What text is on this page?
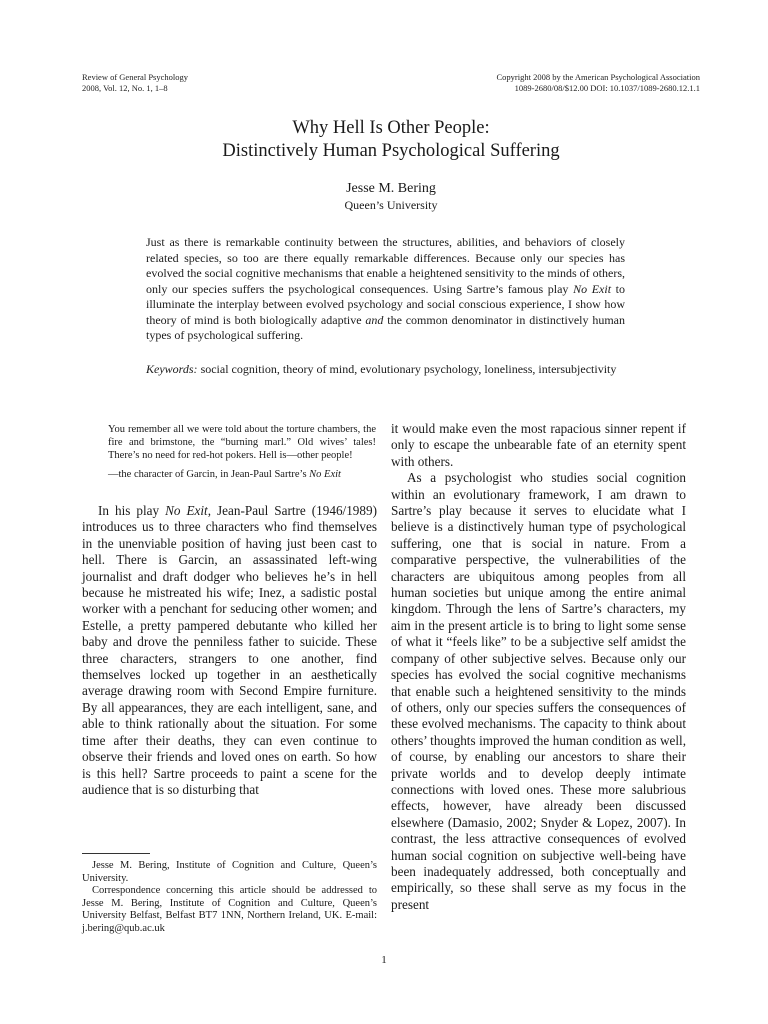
Review of General Psychology
2008, Vol. 12, No. 1, 1–8
Copyright 2008 by the American Psychological Association
1089-2680/08/$12.00 DOI: 10.1037/1089-2680.12.1.1
Why Hell Is Other People:
Distinctively Human Psychological Suffering
Jesse M. Bering
Queen’s University

Just as there is remarkable continuity between the structures, abilities, and behaviors of closely related species, so too are there equally remarkable differences. Because only our species has evolved the social cognitive mechanisms that enable a heightened sensitivity to the minds of others, only our species suffers the psychological consequences. Using Sartre’s famous play No Exit to illuminate the interplay between evolved psychology and social conscious experience, I show how theory of mind is both biologically adaptive and the common denominator in distinctively human types of psychological suffering.

Keywords: social cognition, theory of mind, evolutionary psychology, loneliness, intersubjectivity

You remember all we were told about the torture chambers, the fire and brimstone, the “burning marl.” Old wives’ tales! There’s no need for red-hot pokers. Hell is—other people!

—the character of Garcin, in Jean-Paul Sartre’s No Exit

In his play No Exit, Jean-Paul Sartre (1946/1989) introduces us to three characters who find themselves in the unenviable position of having just been cast to hell. There is Garcin, an assassinated left-wing journalist and draft dodger who believes he’s in hell because he mistreated his wife; Inez, a sadistic postal worker with a penchant for seducing other women; and Estelle, a pretty pampered debutante who killed her baby and drove the penniless father to suicide. These three characters, strangers to one another, find themselves locked up together in an aesthetically average drawing room with Second Empire furniture. By all appearances, they are each intelligent, sane, and able to think rationally about the situation. For some time after their deaths, they can even continue to observe their friends and loved ones on earth. So how is this hell? Sartre proceeds to paint a scene for the audience that is so disturbing that

it would make even the most rapacious sinner repent if only to escape the unbearable fate of an eternity spent with others.

As a psychologist who studies social cognition within an evolutionary framework, I am drawn to Sartre’s play because it serves to elucidate what I believe is a distinctively human type of psychological suffering, one that is social in nature. From a comparative perspective, the vulnerabilities of the characters are ubiquitous among peoples from all human societies but unique among the entire animal kingdom. Through the lens of Sartre’s characters, my aim in the present article is to bring to light some sense of what it “feels like” to be a subjective self amidst the company of other subjective selves. Because only our species has evolved the social cognitive mechanisms that enable such a heightened sensitivity to the minds of others, only our species suffers the consequences of these evolved mechanisms. The capacity to think about others’ thoughts improved the human condition as well, of course, by enabling our ancestors to share their private worlds and to develop deeply intimate connections with loved ones. These more salubrious effects, however, have already been discussed elsewhere (Damasio, 2002; Snyder & Lopez, 2007). In contrast, the less attractive consequences of evolved human social cognition on subjective well-being have been inadequately addressed, both conceptually and empirically, so these shall serve as my focus in the present

Jesse M. Bering, Institute of Cognition and Culture, Queen’s University.

Correspondence concerning this article should be addressed to Jesse M. Bering, Institute of Cognition and Culture, Queen’s University Belfast, Belfast BT7 1NN, Northern Ireland, UK. E-mail: j.bering@qub.ac.uk

1
